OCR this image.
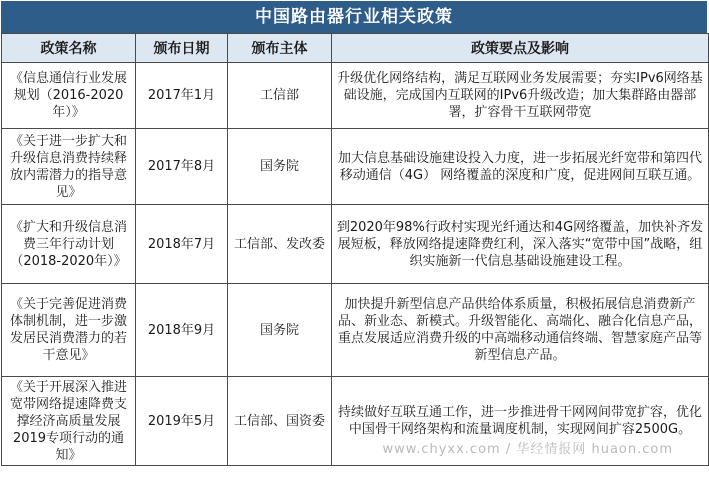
中国路由器行业相关政策
政策名称	颁布日期	颁布主体	政策要点及影响
《信息通信行业发展规划（2016-2020年）》	2017年1月	工信部	升级优化网络结构，满足互联网业务发展需要；夯实IPv6网络基础设施，完成国内互联网的IPv6升级改造；加大集群路由器部署，扩容骨干互联网带宽
《关于进一步扩大和升级信息消费持续释放内需潜力的指导意见》	2017年8月	国务院	加大信息基础设施建设投入力度，进一步拓展光纤宽带和第四代移动通信（4G） 网络覆盖的深度和广度，促进网间互联互通。
《扩大和升级信息消费三年行动计划（2018-2020年）》	2018年7月	工信部、发改委	到2020年98%行政村实现光纤通达和4G网络覆盖，加快补齐发展短板，释放网络提速降费红利，深入落实“宽带中国”战略，组织实施新一代信息基础设施建设工程。
《关于完善促进消费体制机制，进一步激发居民消费潜力的若干意见》	2018年9月	国务院	加快提升新型信息产品供给体系质量，积极拓展信息消费新产品、新业态、新模式。升级智能化、高端化、融合化信息产品，重点发展适应消费升级的中高端移动通信终端、智慧家庭产品等新型信息产品。
《关于开展深入推进宽带网络提速降费支撑经济高质量发展2019专项行动的通知》	2019年5月	工信部、国资委	持续做好互联互通工作，进一步推进骨干网网间带宽扩容，优化中国骨干网络架构和流量调度机制，实现网间扩容2500G。
www.chyxx.com / 华经情报网 huaon.com
